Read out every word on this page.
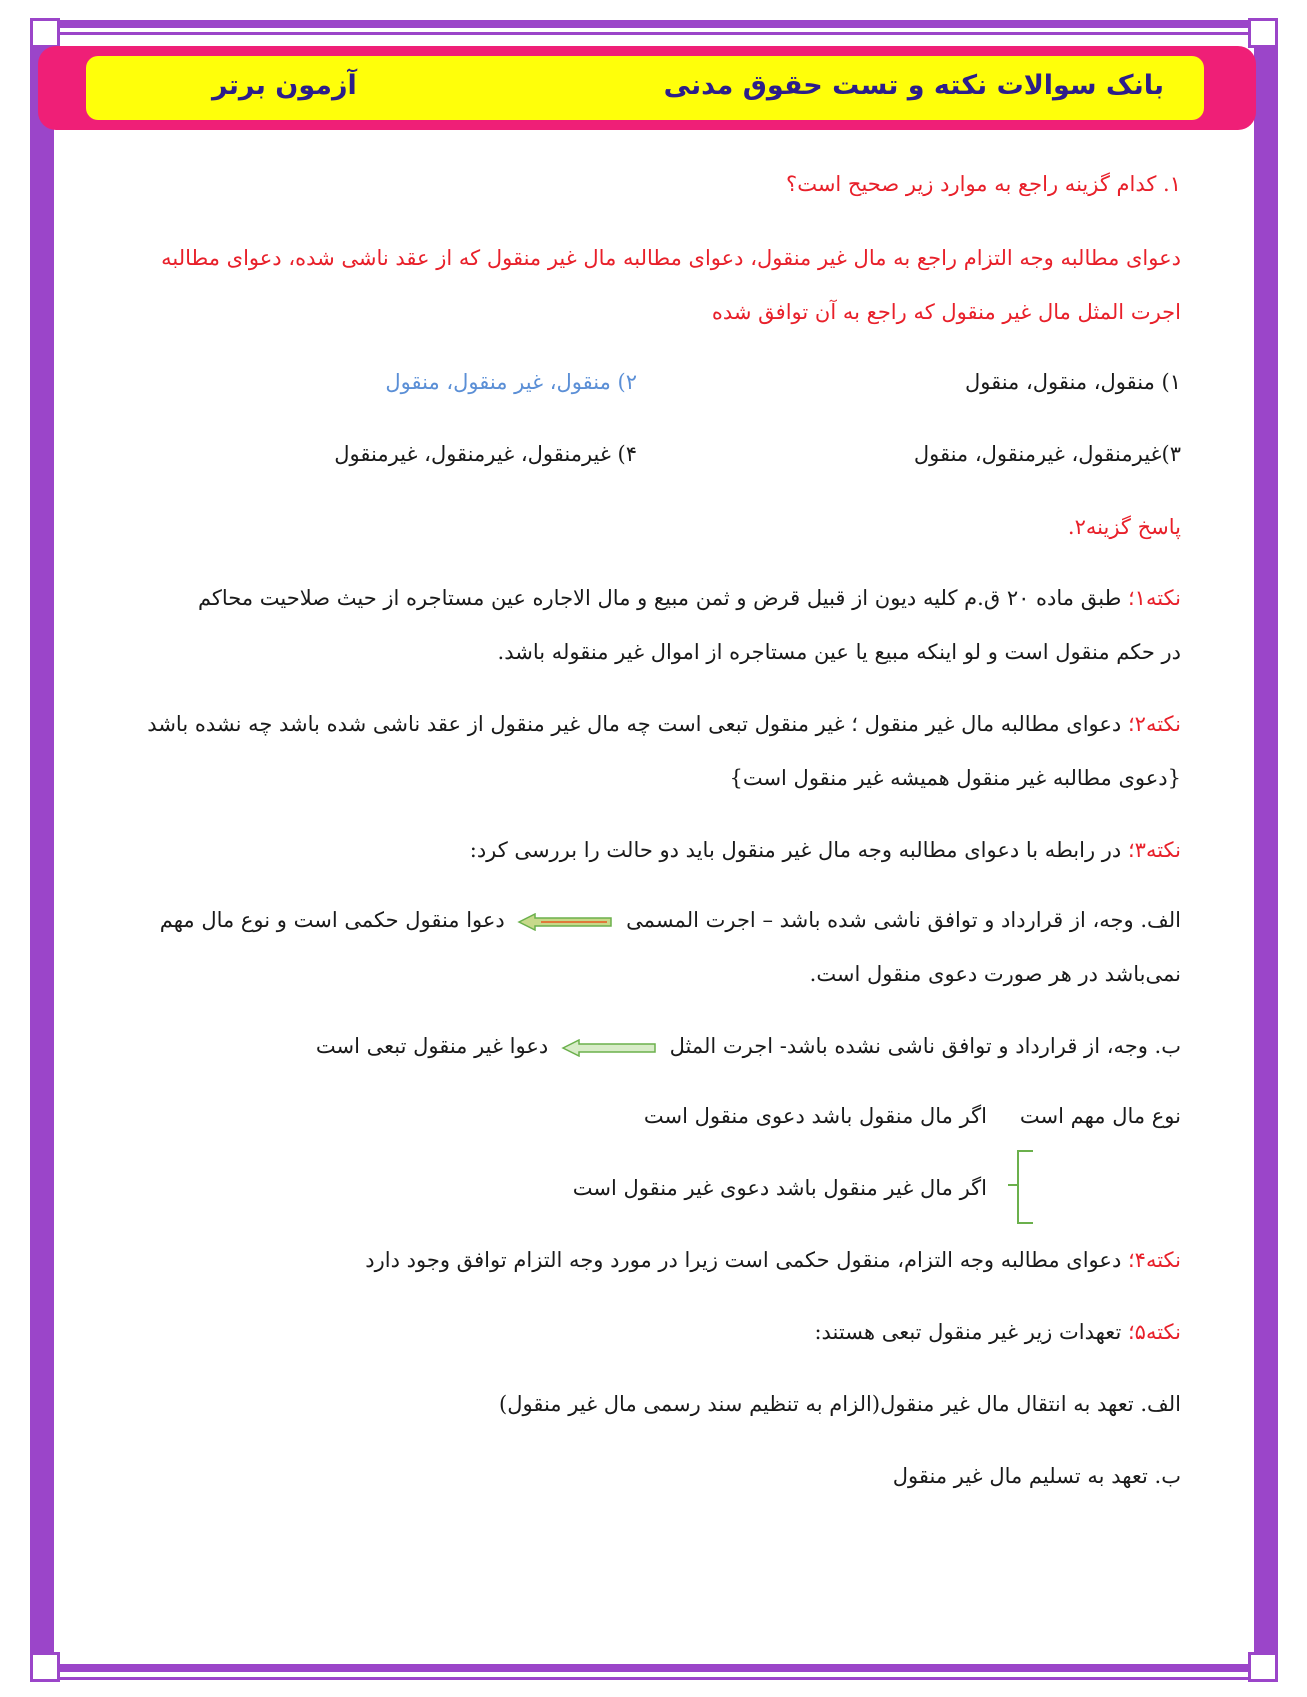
بانک سوالات نکته و تست حقوق مدنی
آزمون برتر
۱. کدام گزینه راجع به موارد زیر صحیح است؟
دعوای مطالبه وجه التزام راجع به مال غیر منقول، دعوای مطالبه مال غیر منقول که از عقد ناشی شده، دعوای مطالبه
اجرت المثل مال غیر منقول که راجع به آن توافق شده
۱) منقول، منقول، منقول
۲) منقول، غیر منقول، منقول
۳)غیرمنقول، غیرمنقول، منقول
۴) غیرمنقول، غیرمنقول، غیرمنقول
پاسخ گزینه۲.
نکته۱؛ طبق ماده ۲۰ ق.م کلیه دیون از قبیل قرض و ثمن مبیع و مال الاجاره عین مستاجره از حیث صلاحیت محاکم
در حکم منقول است و لو اینکه مبیع یا عین مستاجره از اموال غیر منقوله باشد.
نکته۲؛ دعوای مطالبه مال غیر منقول ؛ غیر منقول تبعی است چه مال غیر منقول از عقد ناشی شده باشد چه نشده باشد
{دعوی مطالبه غیر منقول همیشه غیر منقول است}
نکته۳؛ در رابطه با دعوای مطالبه وجه مال غیر منقول باید دو حالت را بررسی کرد:
الف. وجه، از قرارداد و توافق ناشی شده باشد – اجرت المسمی  دعوا منقول حکمی است و نوع مال مهم
نمی‌باشد در هر صورت دعوی منقول است.
ب. وجه، از قرارداد و توافق ناشی نشده باشد- اجرت المثل  دعوا غیر منقول تبعی است
نوع مال مهم است
اگر مال منقول باشد دعوی منقول است
اگر مال غیر منقول باشد دعوی غیر منقول است
نکته۴؛ دعوای مطالبه وجه التزام، منقول حکمی است زیرا در مورد وجه التزام توافق وجود دارد
نکته۵؛ تعهدات زیر غیر منقول تبعی هستند:
الف. تعهد به انتقال مال غیر منقول(الزام به تنظیم سند رسمی مال غیر منقول)
ب. تعهد به تسلیم مال غیر منقول
